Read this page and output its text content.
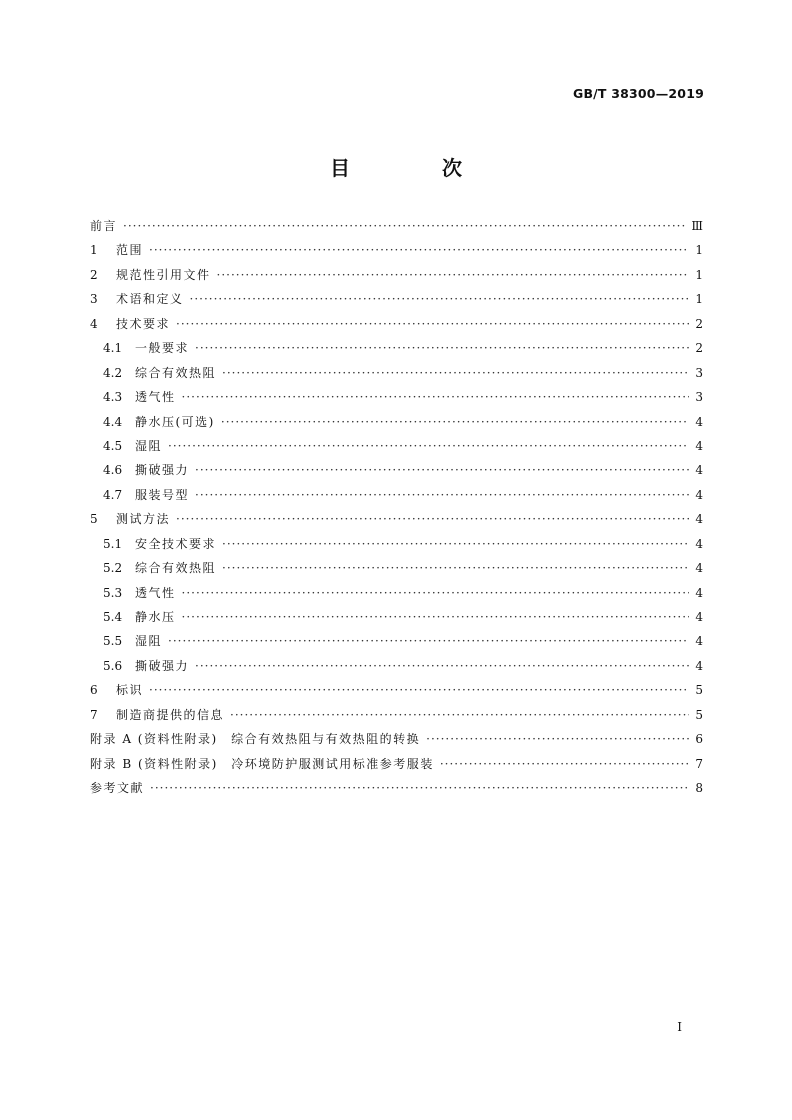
GB/T 38300—2019
目　次
前言 ·····	Ⅲ
1	范围 ·····	1
2	规范性引用文件 ·····	1
3	术语和定义 ·····	1
4	技术要求 ·····	2
4.1	一般要求 ·····	2
4.2	综合有效热阻 ·····	3
4.3	透气性 ·····	3
4.4	静水压(可选) ·····	4
4.5	湿阻 ·····	4
4.6	撕破强力 ·····	4
4.7	服装号型 ·····	4
5	测试方法 ·····	4
5.1	安全技术要求 ·····	4
5.2	综合有效热阻 ·····	4
5.3	透气性 ·····	4
5.4	静水压 ·····	4
5.5	湿阻 ·····	4
5.6	撕破强力 ·····	4
6	标识 ·····	5
7	制造商提供的信息 ·····	5
附录 A (资料性附录)　综合有效热阻与有效热阻的转换 ·····	6
附录 B (资料性附录)　冷环境防护服测试用标准参考服装 ·····	7
参考文献 ·····	8
I
